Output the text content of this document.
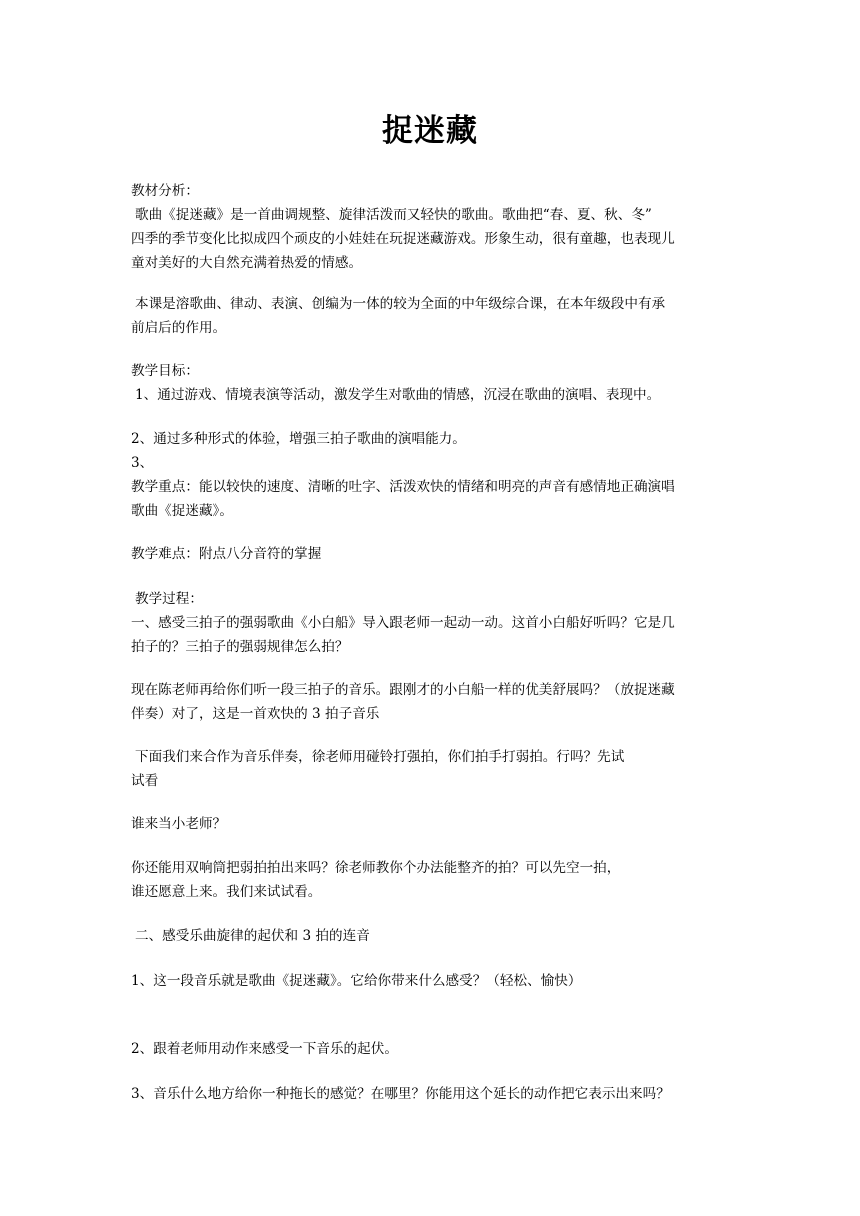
捉迷藏
教材分析：
歌曲《捉迷藏》是一首曲调规整、旋律活泼而又轻快的歌曲。歌曲把“春、夏、秋、冬”
四季的季节变化比拟成四个顽皮的小娃娃在玩捉迷藏游戏。形象生动，很有童趣，也表现儿
童对美好的大自然充满着热爱的情感。
本课是溶歌曲、律动、表演、创编为一体的较为全面的中年级综合课，在本年级段中有承
前启后的作用。
教学目标：
1、通过游戏、情境表演等活动，激发学生对歌曲的情感，沉浸在歌曲的演唱、表现中。
2、通过多种形式的体验，增强三拍子歌曲的演唱能力。
3、
教学重点：能以较快的速度、清晰的吐字、活泼欢快的情绪和明亮的声音有感情地正确演唱
歌曲《捉迷藏》。
教学难点：附点八分音符的掌握
教学过程：
一、感受三拍子的强弱歌曲《小白船》导入跟老师一起动一动。这首小白船好听吗？它是几
拍子的？三拍子的强弱规律怎么拍？
现在陈老师再给你们听一段三拍子的音乐。跟刚才的小白船一样的优美舒展吗？（放捉迷藏
伴奏）对了，这是一首欢快的 3 拍子音乐
下面我们来合作为音乐伴奏，徐老师用碰铃打强拍，你们拍手打弱拍。行吗？先试
试看
谁来当小老师？
你还能用双响筒把弱拍拍出来吗？徐老师教你个办法能整齐的拍？可以先空一拍，
谁还愿意上来。我们来试试看。
二、感受乐曲旋律的起伏和 3 拍的连音
1、这一段音乐就是歌曲《捉迷藏》。它给你带来什么感受？（轻松、愉快）
2、跟着老师用动作来感受一下音乐的起伏。
3、音乐什么地方给你一种拖长的感觉？在哪里？你能用这个延长的动作把它表示出来吗？
